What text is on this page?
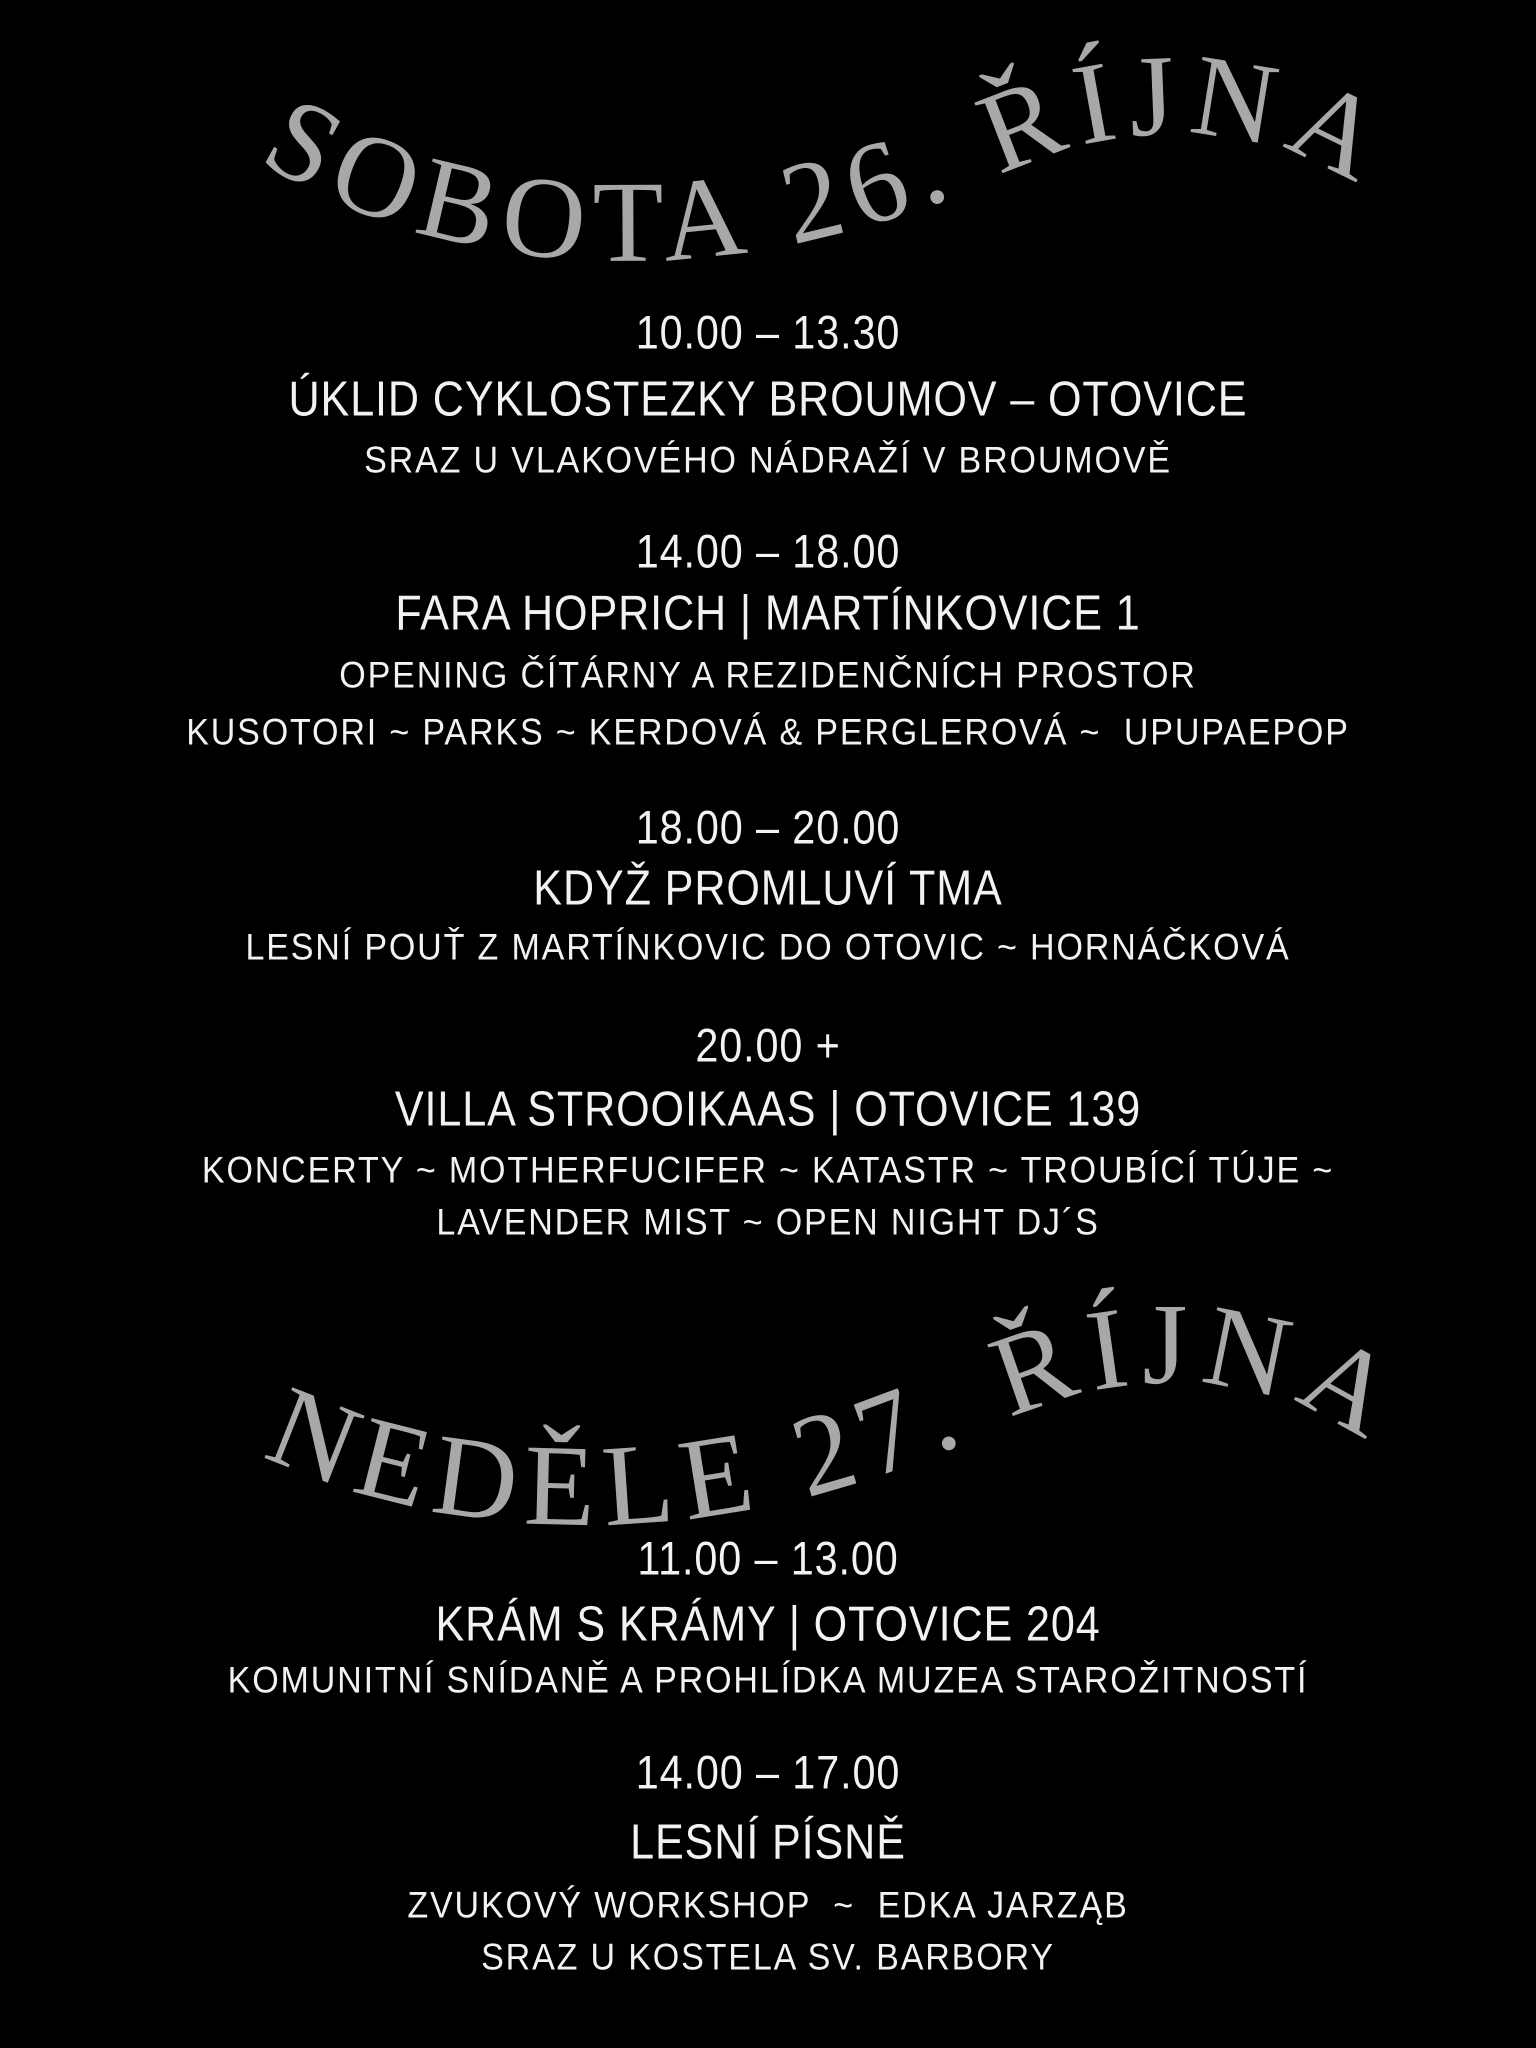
SOBOTA 26. ŘÍJNA
10.00 – 13.30
ÚKLID CYKLOSTEZKY BROUMOV – OTOVICE
SRAZ U VLAKOVÉHO NÁDRAŽÍ V BROUMOVĚ
14.00 – 18.00
FARA HOPRICH | MARTÍNKOVICE 1
OPENING ČÍTÁRNY A REZIDENČNÍCH PROSTOR
KUSOTORI ~ PARKS ~ KERDOVÁ & PERGLEROVÁ ~  UPUPAEPOP
18.00 – 20.00
KDYŽ PROMLUVÍ TMA
LESNÍ POUŤ Z MARTÍNKOVIC DO OTOVIC ~ HORNÁČKOVÁ
20.00 +
VILLA STROOIKAAS | OTOVICE 139
KONCERTY ~ MOTHERFUCIFER ~ KATASTR ~ TROUBÍCÍ TÚJE ~
LAVENDER MIST ~ OPEN NIGHT DJ´S
NEDĚLE 27. ŘÍJNA
11.00 – 13.00
KRÁM S KRÁMY | OTOVICE 204
KOMUNITNÍ SNÍDANĚ A PROHLÍDKA MUZEA STAROŽITNOSTÍ
14.00 – 17.00
LESNÍ PÍSNĚ
ZVUKOVÝ WORKSHOP  ~  EDKA JARZĄB
SRAZ U KOSTELA SV. BARBORY
